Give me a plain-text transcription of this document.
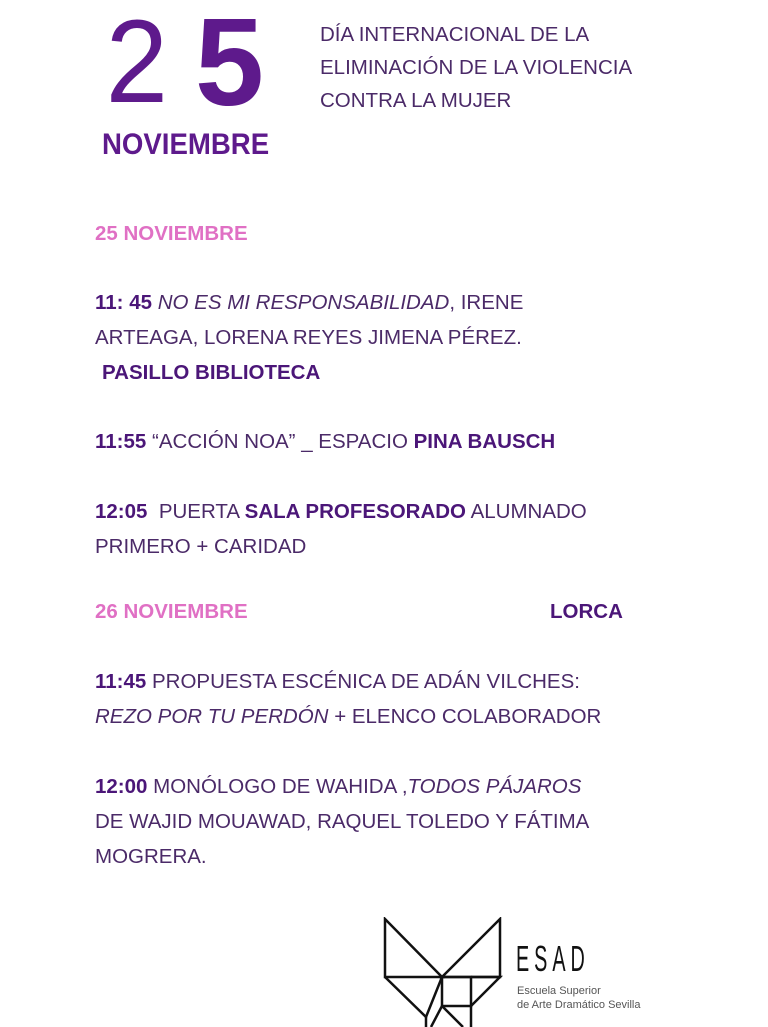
2 5
NOVIEMBRE
DÍA INTERNACIONAL DE LA
ELIMINACIÓN DE LA VIOLENCIA
CONTRA LA MUJER
25 NOVIEMBRE
11: 45 NO ES MI RESPONSABILIDAD, IRENE
ARTEAGA, LORENA REYES JIMENA PÉREZ.
PASILLO BIBLIOTECA
11:55 “ACCIÓN NOA” _ ESPACIO PINA BAUSCH
12:05  PUERTA SALA PROFESORADO ALUMNADO
PRIMERO + CARIDAD
26 NOVIEMBRE	LORCA
11:45 PROPUESTA ESCÉNICA DE ADÁN VILCHES:
REZO POR TU PERDÓN + ELENCO COLABORADOR
12:00 MONÓLOGO DE WAHIDA ,TODOS PÁJAROS
DE WAJID MOUAWAD, RAQUEL TOLEDO Y FÁTIMA
MOGRERA.
ESAD
Escuela Superior
de Arte Dramático Sevilla
